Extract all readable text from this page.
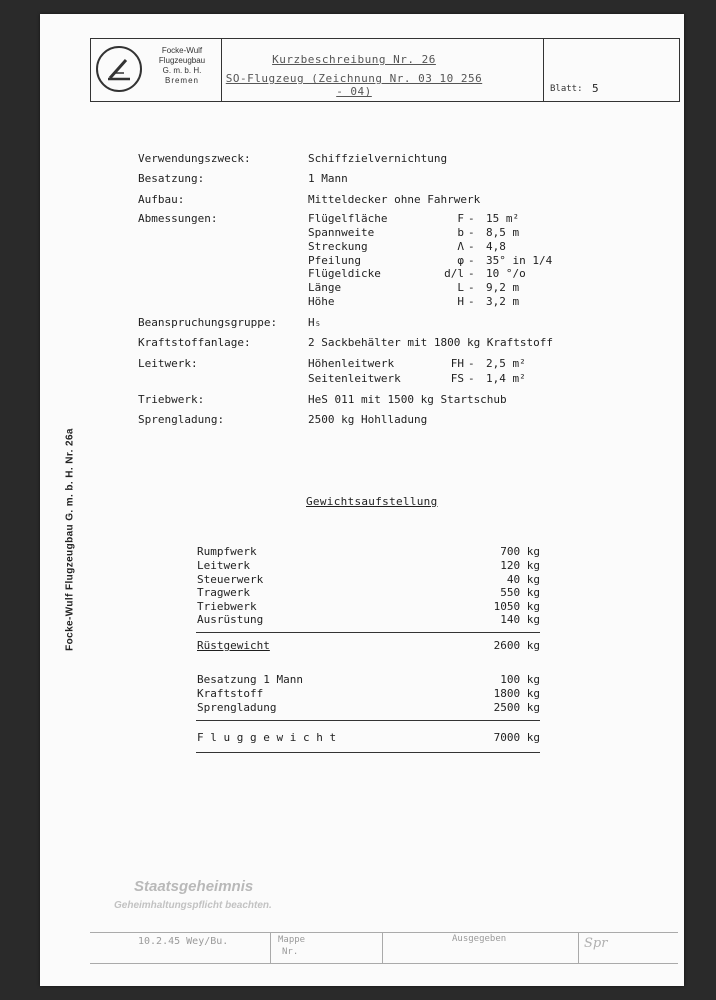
Focke-Wulf
Flugzeugbau
G. m. b. H.
Bremen
Kurzbeschreibung Nr. 26
SO-Flugzeug (Zeichnung Nr. 03 10 256 - 04)	Blatt: 5
Focke-Wulf Flugzeugbau G. m. b. H. Nr. 26a
Verwendungszweck:	Schiffzielvernichtung
Besatzung:	1 Mann
Aufbau:	Mitteldecker ohne Fahrwerk
Abmessungen:	Flügelfläche	F - 15 m²
Spannweite	b - 8,5 m
Streckung	Λ - 4,8
Pfeilung	φ - 35° in 1/4
Flügeldicke	d/l - 10 °/o
Länge	L - 9,2 m
Höhe	H - 3,2 m
Beanspruchungsgruppe:	H₅
Kraftstoffanlage:	2 Sackbehälter mit 1800 kg Kraftstoff
Leitwerk:	Höhenleitwerk	FH - 2,5 m²
Seitenleitwerk	FS - 1,4 m²
Triebwerk:	HeS 011 mit 1500 kg Startschub
Sprengladung:	2500 kg Hohlladung
Gewichtsaufstellung
Rumpfwerk	700 kg
Leitwerk	120 kg
Steuerwerk	40 kg
Tragwerk	550 kg
Triebwerk	1050 kg
Ausrüstung	140 kg
Rüstgewicht	2600 kg
Besatzung 1 Mann	100 kg
Kraftstoff	1800 kg
Sprengladung	2500 kg
F l u g g e w i c h t	7000 kg
Staatsgeheimnis
Geheimhaltungspflicht beachten.
10.2.45 Wey/Bu.	Mappe
Nr.
Ausgegeben	Spr
